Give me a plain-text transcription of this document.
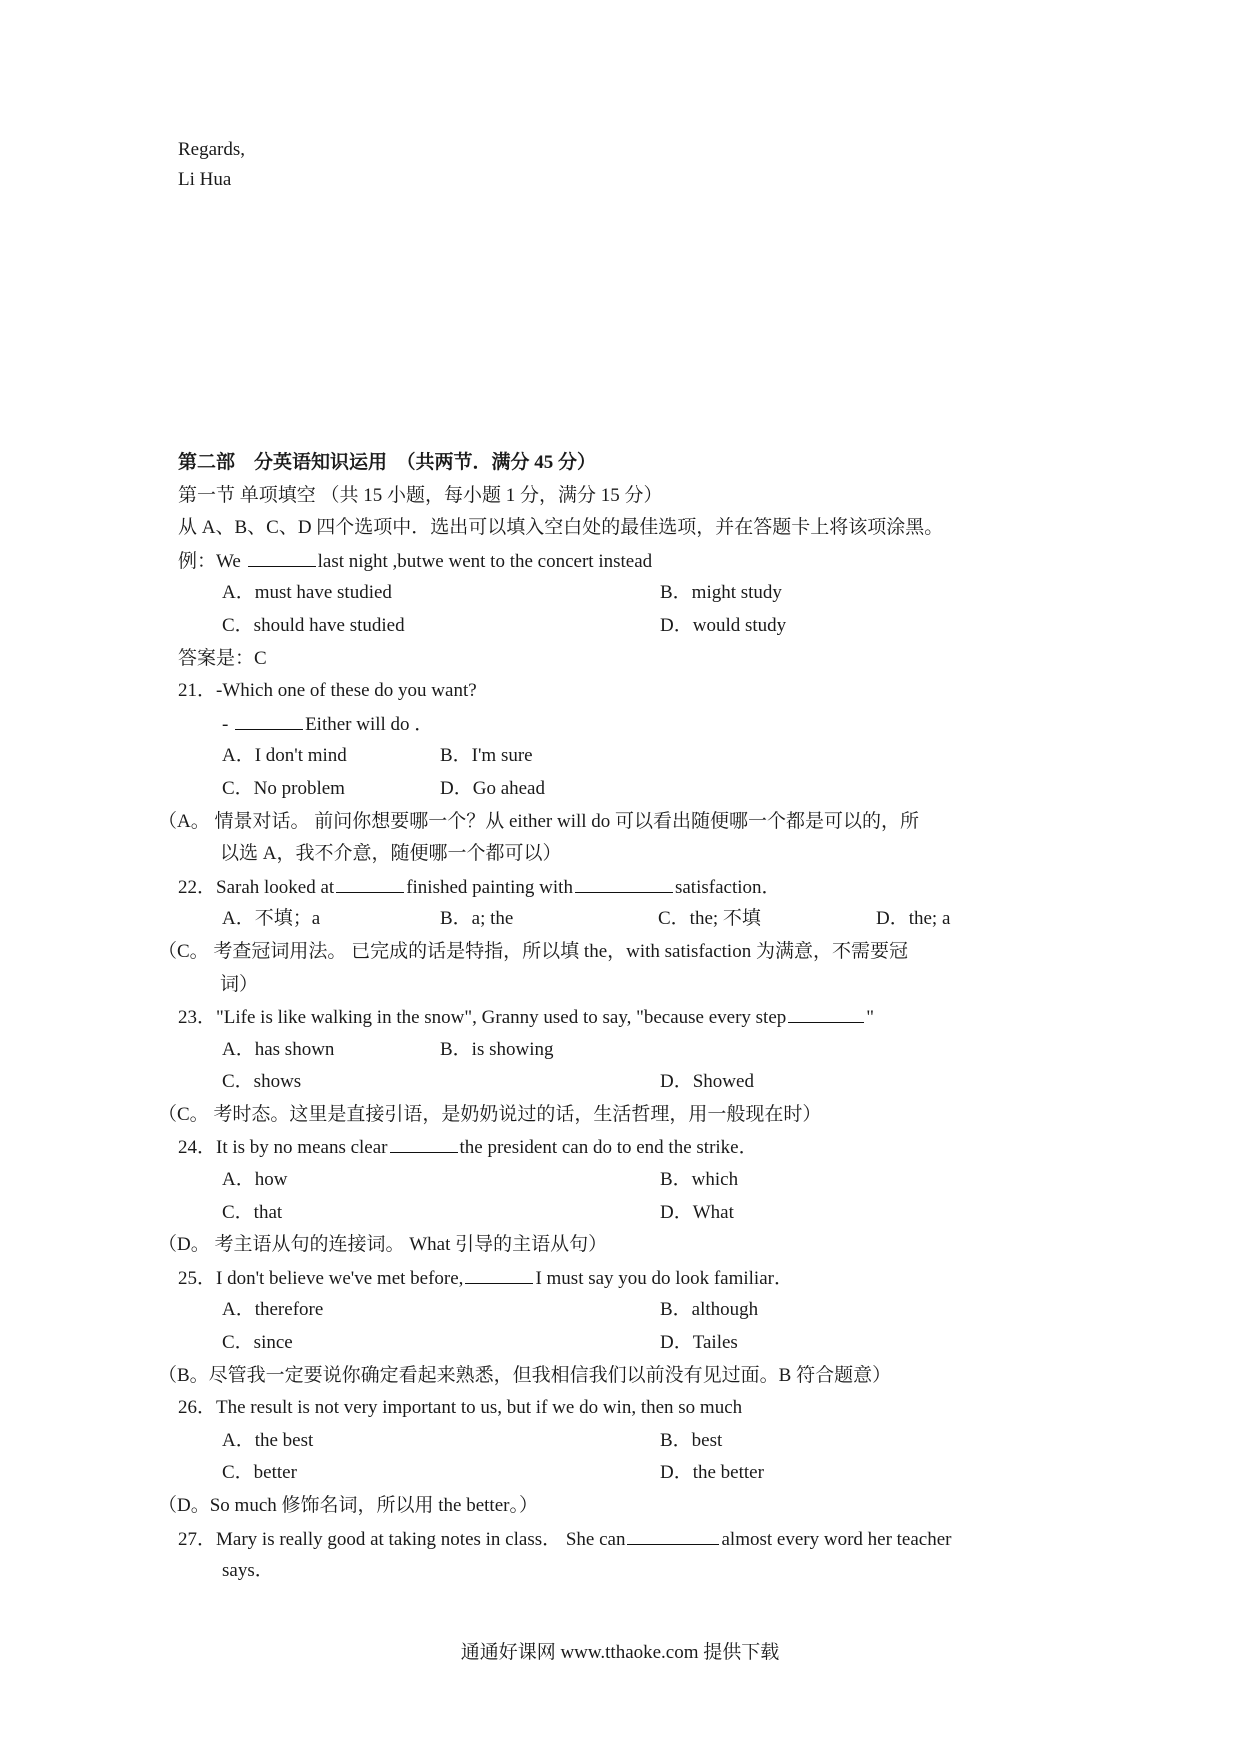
Regards,
Li Hua
第二部　分英语知识运用　（共两节．满分 45 分）
第一节 单项填空 （共 15 小题，每小题 1 分，满分 15 分）
从 A、B、C、D 四个选项中．选出可以填入空白处的最佳选项，并在答题卡上将该项涂黑。
例：We	last night ,butwe went to the concert instead
A．must have studied	B．might study
C．should have studied	D．would study
答案是：C
21．-Which one of these do you want?
-	Either will do ．
A．I don't mind	B．I'm sure
C．No problem	D．Go ahead
（A。 情景对话。 前问你想要哪一个？从 either will do 可以看出随便哪一个都是可以的，所
以选 A，我不介意，随便哪一个都可以）
22．Sarah looked at	finished painting with	satisfaction．
A．不填；a	B．a; the	C．the; 不填	D．the; a
（C。 考查冠词用法。 已完成的话是特指，所以填 the，with satisfaction 为满意，不需要冠
词）
23．"Life is like walking in the snow", Granny used to say, "because every step	"
A．has shown	B．is showing
C．shows	D．Showed
（C。 考时态。这里是直接引语，是奶奶说过的话，生活哲理，用一般现在时）
24．It is by no means clear	the president can do to end the strike．
A．how	B．which
C．that	D．What
（D。 考主语从句的连接词。 What 引导的主语从句）
25．I don't believe we've met before,	I must say you do look familiar．
A．therefore	B．although
C．since	D．Tailes
（B。尽管我一定要说你确定看起来熟悉，但我相信我们以前没有见过面。B 符合题意）
26．The result is not very important to us, but if we do win, then so much
A．the best	B．best
C．better	D．the better
（D。So much 修饰名词，所以用 the better。）
27．Mary is really good at taking notes in class． She can	almost every word her teacher
says．
通通好课网 www.tthaoke.com 提供下载
